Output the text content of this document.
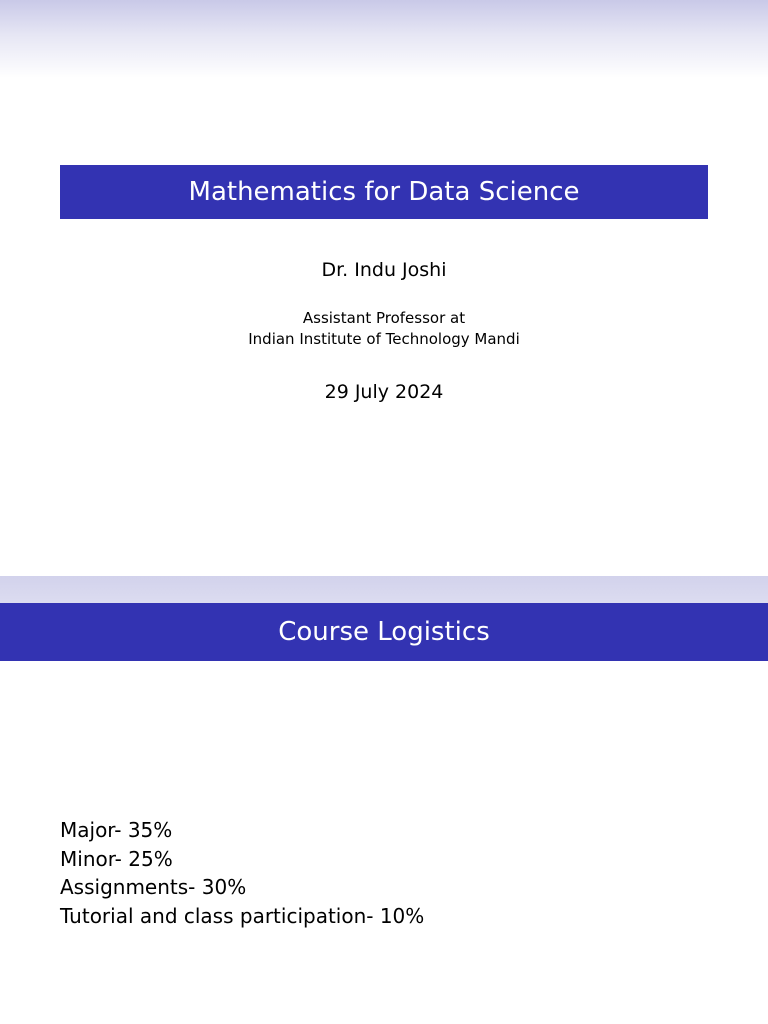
Mathematics for Data Science
Dr. Indu Joshi
Assistant Professor at
Indian Institute of Technology Mandi
29 July 2024
Course Logistics
Major- 35%
Minor- 25%
Assignments- 30%
Tutorial and class participation- 10%
